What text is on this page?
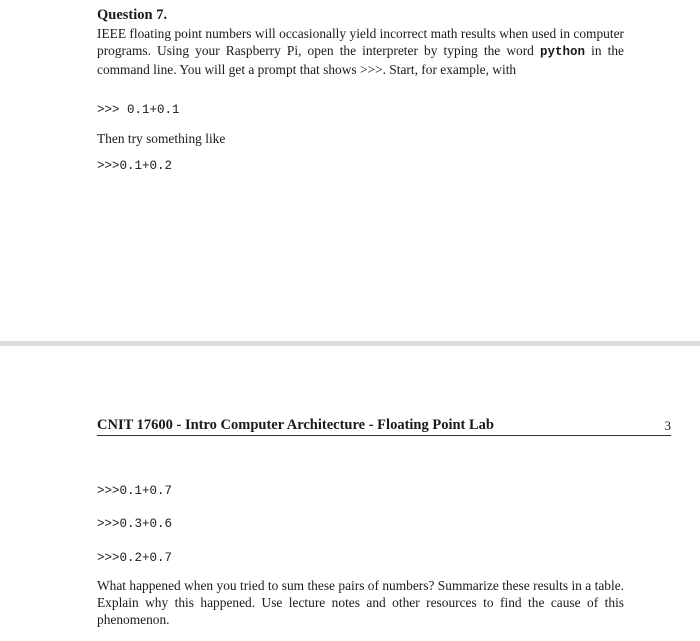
Question 7.
IEEE floating point numbers will occasionally yield incorrect math results when used in computer programs. Using your Raspberry Pi, open the interpreter by typing the word python in the command line. You will get a prompt that shows >>>. Start, for example, with
>>> 0.1+0.1
Then try something like
>>>0.1+0.2
CNIT 17600 - Intro Computer Architecture - Floating Point Lab	3
>>>0.1+0.7
>>>0.3+0.6
>>>0.2+0.7
What happened when you tried to sum these pairs of numbers? Summarize these results in a table. Explain why this happened. Use lecture notes and other resources to find the cause of this phenomenon.
